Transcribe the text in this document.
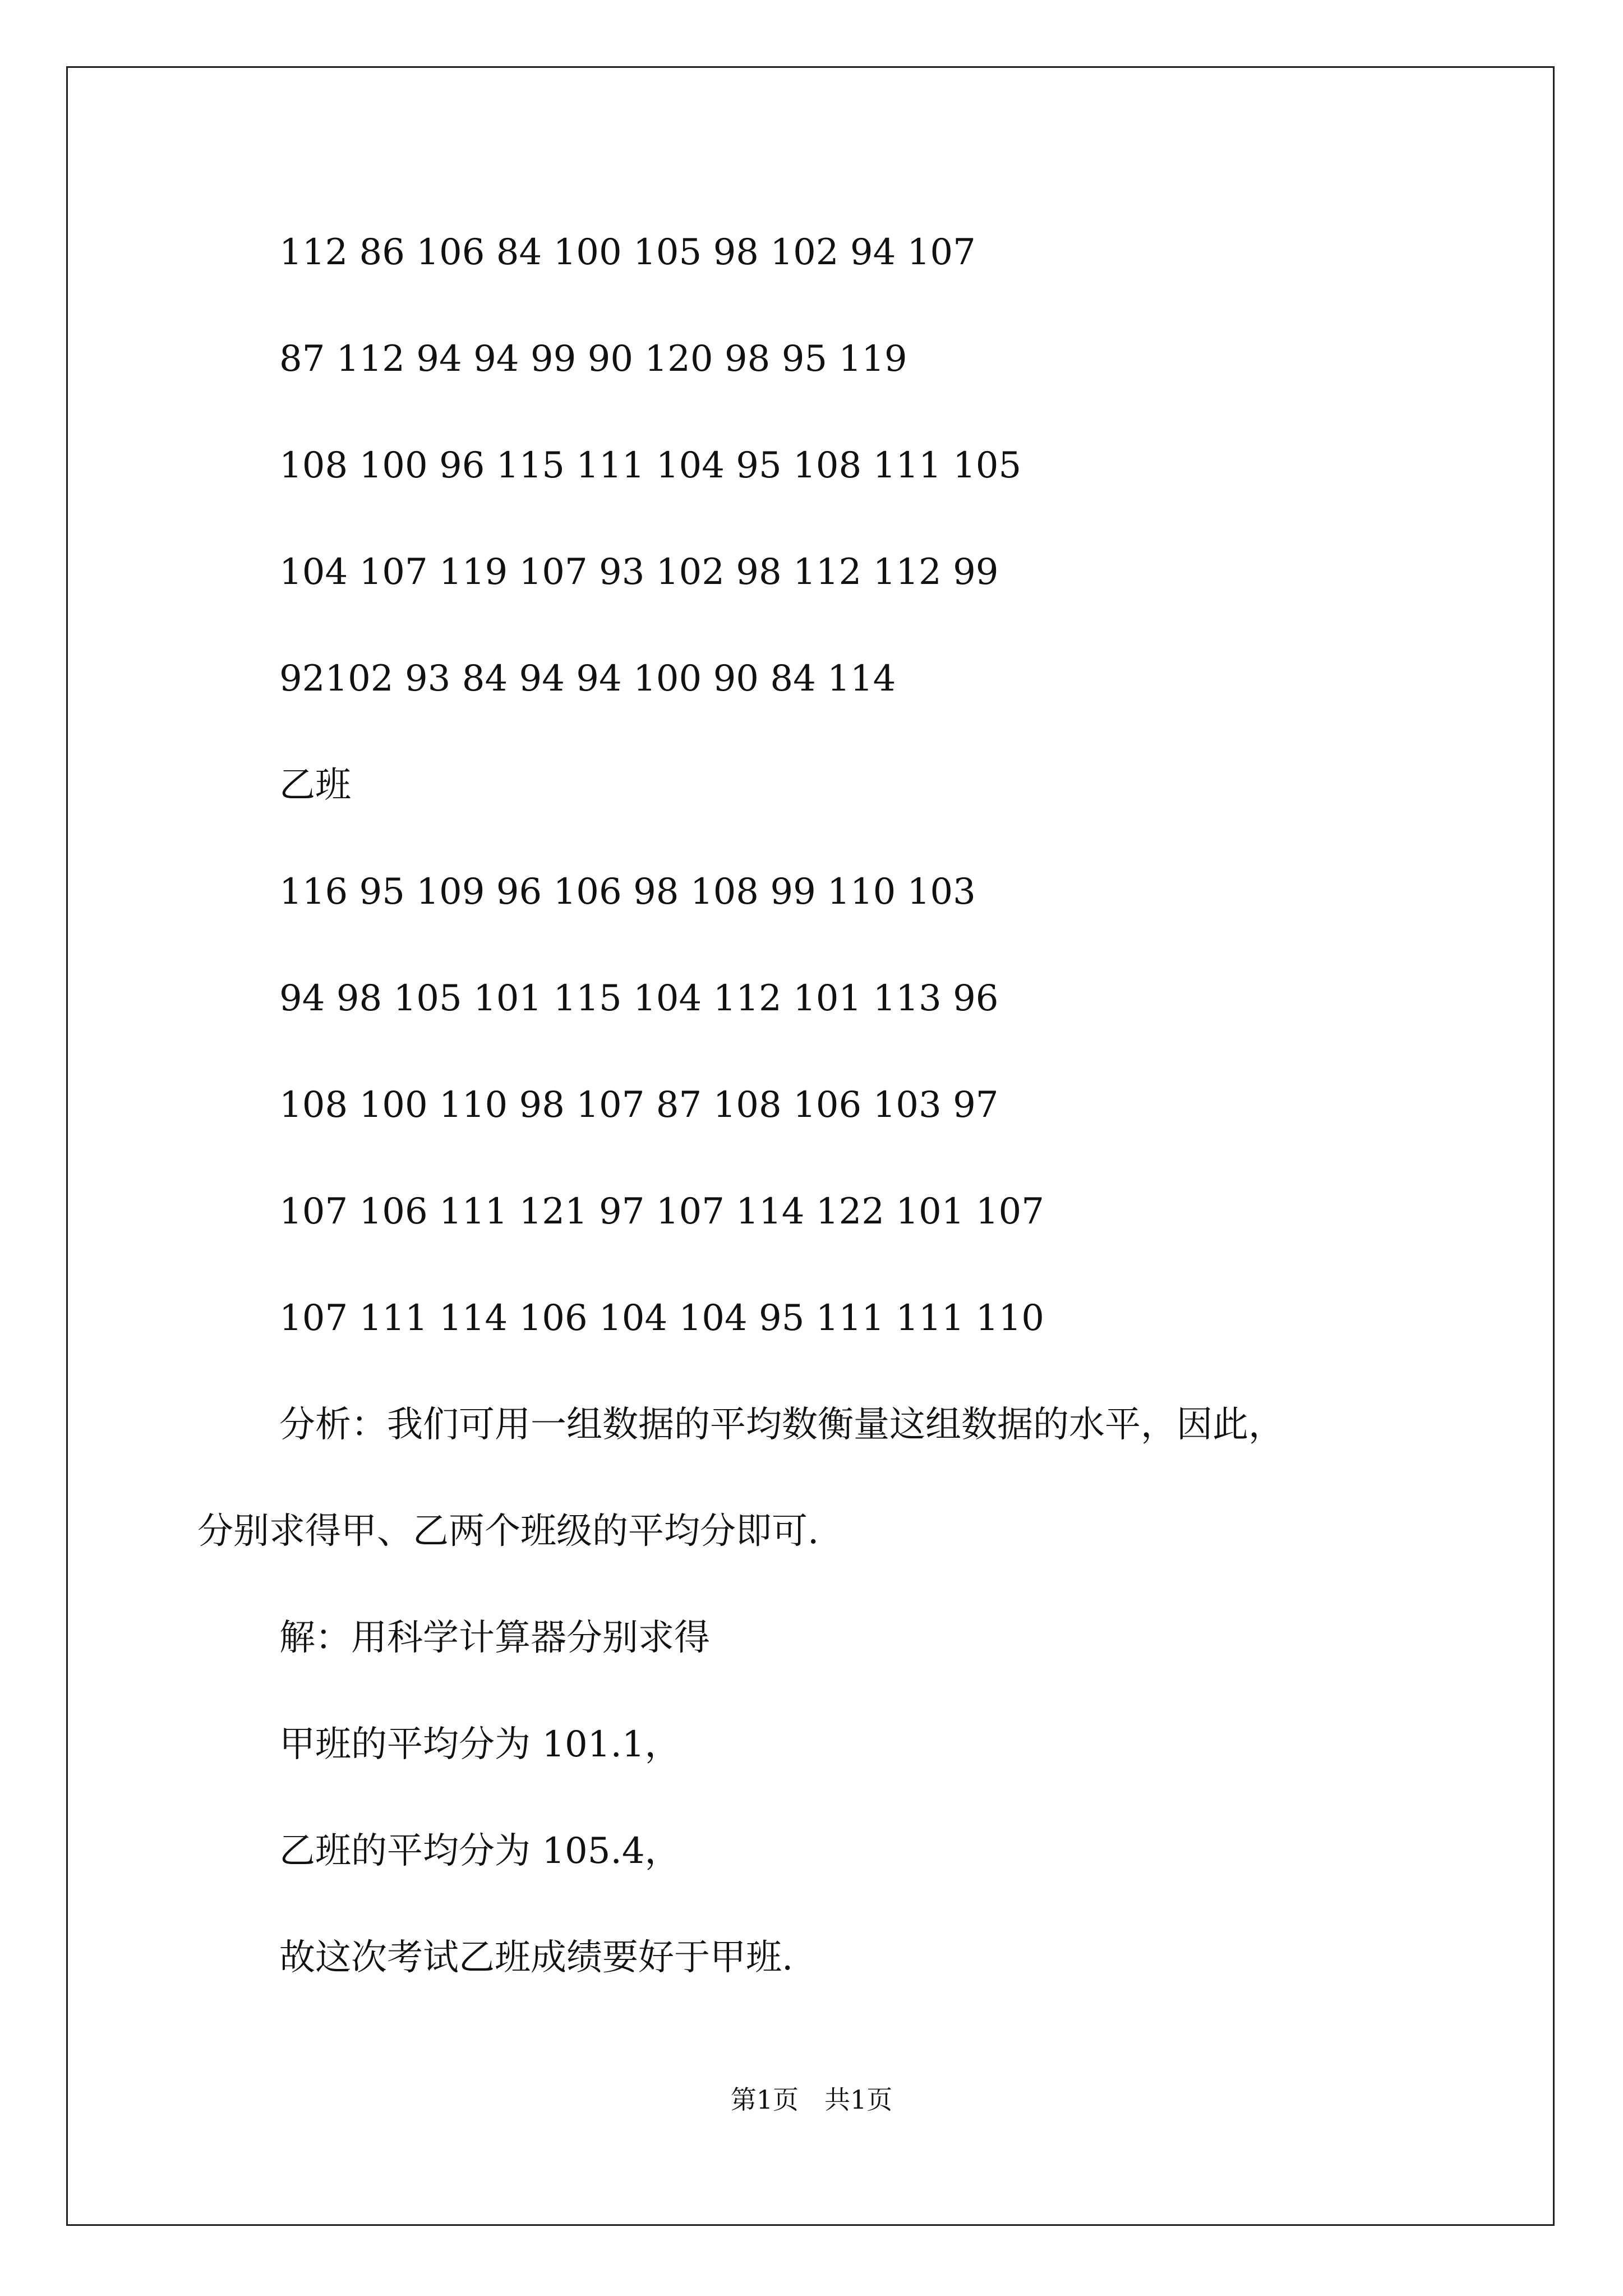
112 86 106 84 100 105 98 102 94 107
87 112 94 94 99 90 120 98 95 119
108 100 96 115 111 104 95 108 111 105
104 107 119 107 93 102 98 112 112 99
92102 93 84 94 94 100 90 84 114
乙班
116 95 109 96 106 98 108 99 110 103
94 98 105 101 115 104 112 101 113 96
108 100 110 98 107 87 108 106 103 97
107 106 111 121 97 107 114 122 101 107
107 111 114 106 104 104 95 111 111 110
分析：我们可用一组数据的平均数衡量这组数据的水平，因此，
分别求得甲、乙两个班级的平均分即可.
解：用科学计算器分别求得
甲班的平均分为 101.1，
乙班的平均分为 105.4，
故这次考试乙班成绩要好于甲班.
第1页　共1页
